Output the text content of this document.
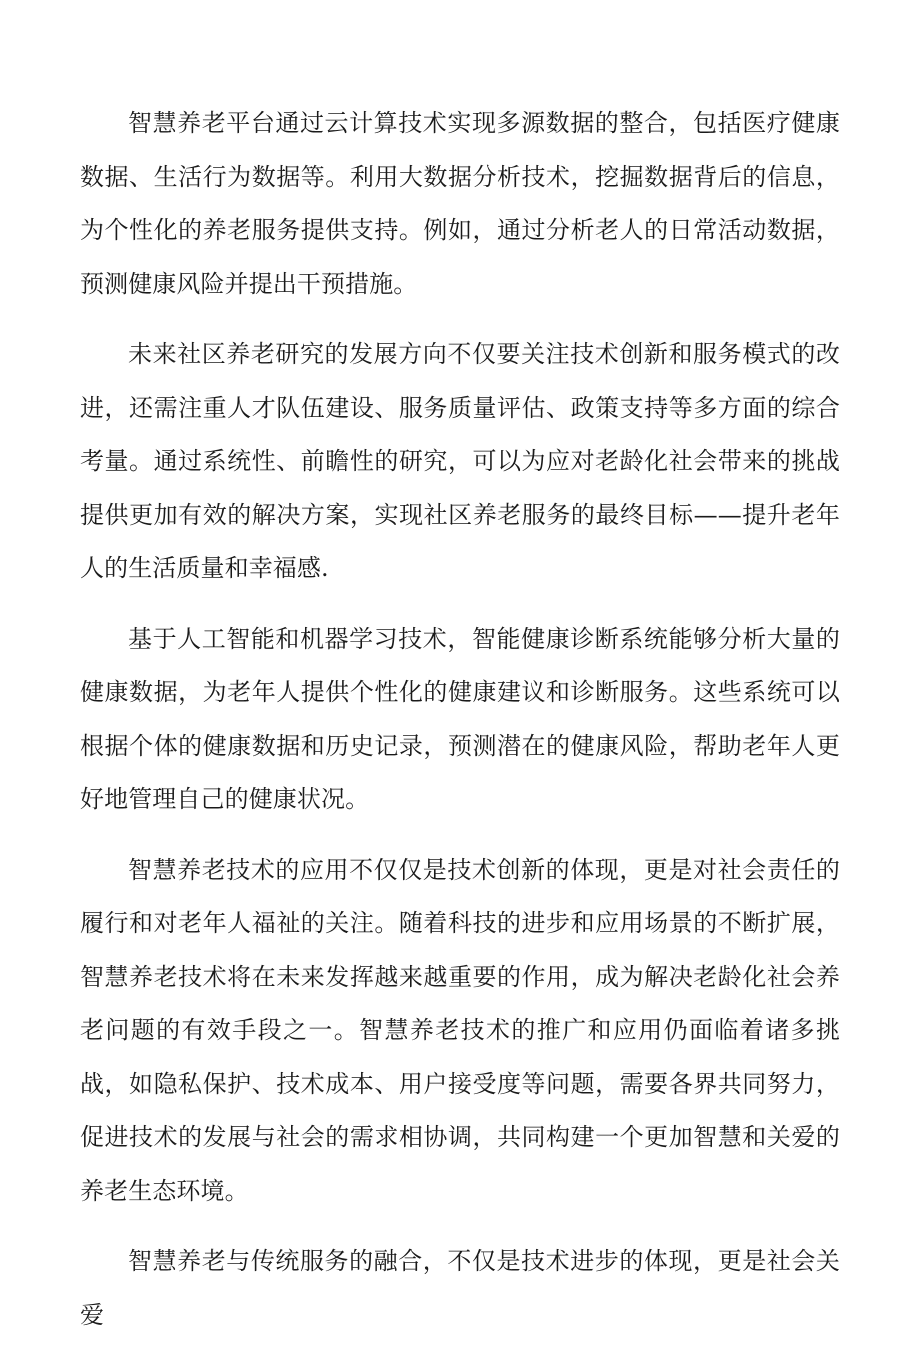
智慧养老平台通过云计算技术实现多源数据的整合，包括医疗健康数据、生活行为数据等。利用大数据分析技术，挖掘数据背后的信息，为个性化的养老服务提供支持。例如，通过分析老人的日常活动数据，预测健康风险并提出干预措施。

未来社区养老研究的发展方向不仅要关注技术创新和服务模式的改进，还需注重人才队伍建设、服务质量评估、政策支持等多方面的综合考量。通过系统性、前瞻性的研究，可以为应对老龄化社会带来的挑战提供更加有效的解决方案，实现社区养老服务的最终目标——提升老年人的生活质量和幸福感.

基于人工智能和机器学习技术，智能健康诊断系统能够分析大量的健康数据，为老年人提供个性化的健康建议和诊断服务。这些系统可以根据个体的健康数据和历史记录，预测潜在的健康风险，帮助老年人更好地管理自己的健康状况。

智慧养老技术的应用不仅仅是技术创新的体现，更是对社会责任的履行和对老年人福祉的关注。随着科技的进步和应用场景的不断扩展，智慧养老技术将在未来发挥越来越重要的作用，成为解决老龄化社会养老问题的有效手段之一。智慧养老技术的推广和应用仍面临着诸多挑战，如隐私保护、技术成本、用户接受度等问题，需要各界共同努力，促进技术的发展与社会的需求相协调，共同构建一个更加智慧和关爱的养老生态环境。

智慧养老与传统服务的融合，不仅是技术进步的体现，更是社会关爱
